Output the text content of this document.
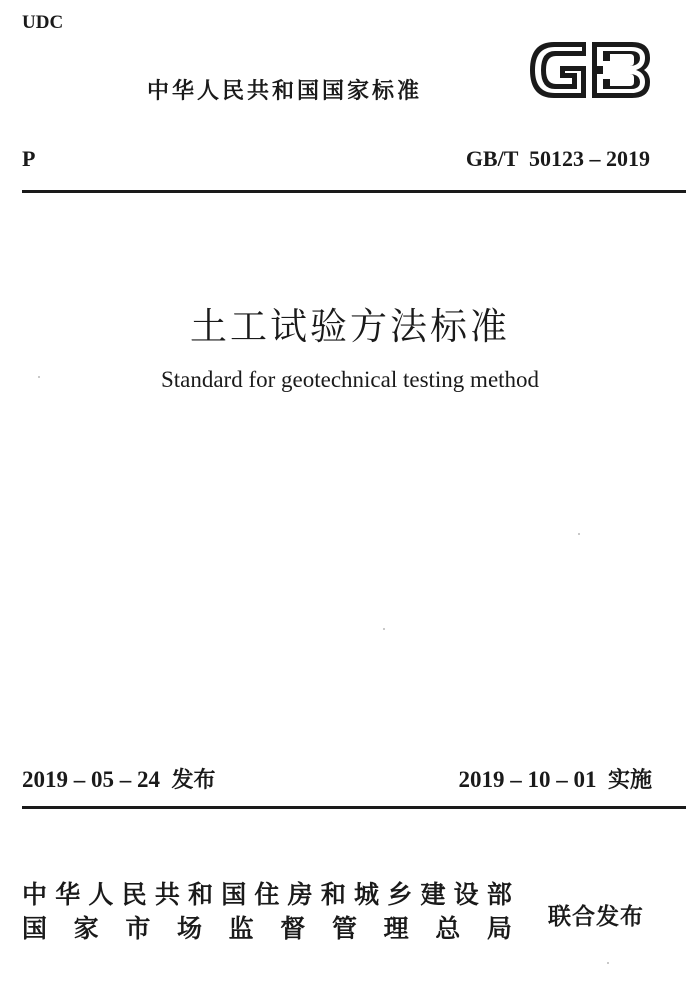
UDC
中华人民共和国国家标准
P	GB/T  50123 – 2019
土工试验方法标准
Standard for geotechnical testing method
2019 – 05 – 24 发布	2019 – 10 – 01 实施
中 华 人 民 共 和 国 住 房 和 城 乡 建 设 部
国 家 市 场 监 督 管 理 总 局 联合发布
